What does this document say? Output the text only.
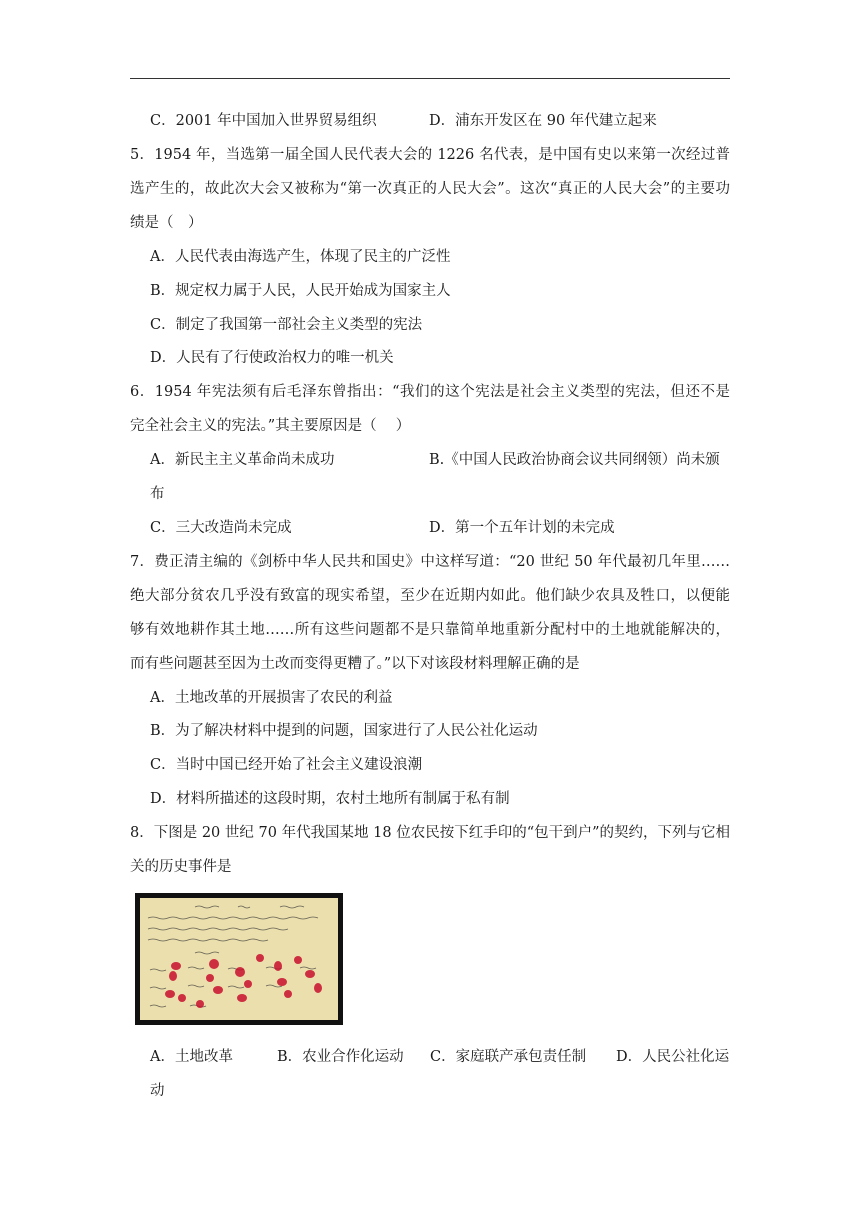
C．2001 年中国加入世界贸易组织	D．浦东开发区在 90 年代建立起来
5．1954 年，当选第一届全国人民代表大会的 1226 名代表，是中国有史以来第一次经过普
选产生的，故此次大会又被称为“第一次真正的人民大会”。这次“真正的人民大会”的主要功
绩是（　）
A．人民代表由海选产生，体现了民主的广泛性
B．规定权力属于人民，人民开始成为国家主人
C．制定了我国第一部社会主义类型的宪法
D．人民有了行使政治权力的唯一机关
6．1954 年宪法须有后毛泽东曾指出：“我们的这个宪法是社会主义类型的宪法，但还不是
完全社会主义的宪法。”其主要原因是（　 ）
A．新民主主义革命尚未成功	B.《中国人民政治协商会议共同纲领）尚未颁
布
C．三大改造尚未完成	D．第一个五年计划的未完成
7．费正清主编的《剑桥中华人民共和国史》中这样写道：“20 世纪 50 年代最初几年里……
绝大部分贫农几乎没有致富的现实希望，至少在近期内如此。他们缺少农具及牲口，以便能
够有效地耕作其土地……所有这些问题都不是只靠简单地重新分配村中的土地就能解决的，
而有些问题甚至因为土改而变得更糟了。”以下对该段材料理解正确的是
A．土地改革的开展损害了农民的利益
B．为了解决材料中提到的问题，国家进行了人民公社化运动
C．当时中国已经开始了社会主义建设浪潮
D．材料所描述的这段时期，农村土地所有制属于私有制
8．下图是 20 世纪 70 年代我国某地 18 位农民按下红手印的“包干到户”的契约，下列与它相
关的历史事件是
A．土地改革	B．农业合作化运动 C．家庭联产承包责任制 D．人民公社化运
动
